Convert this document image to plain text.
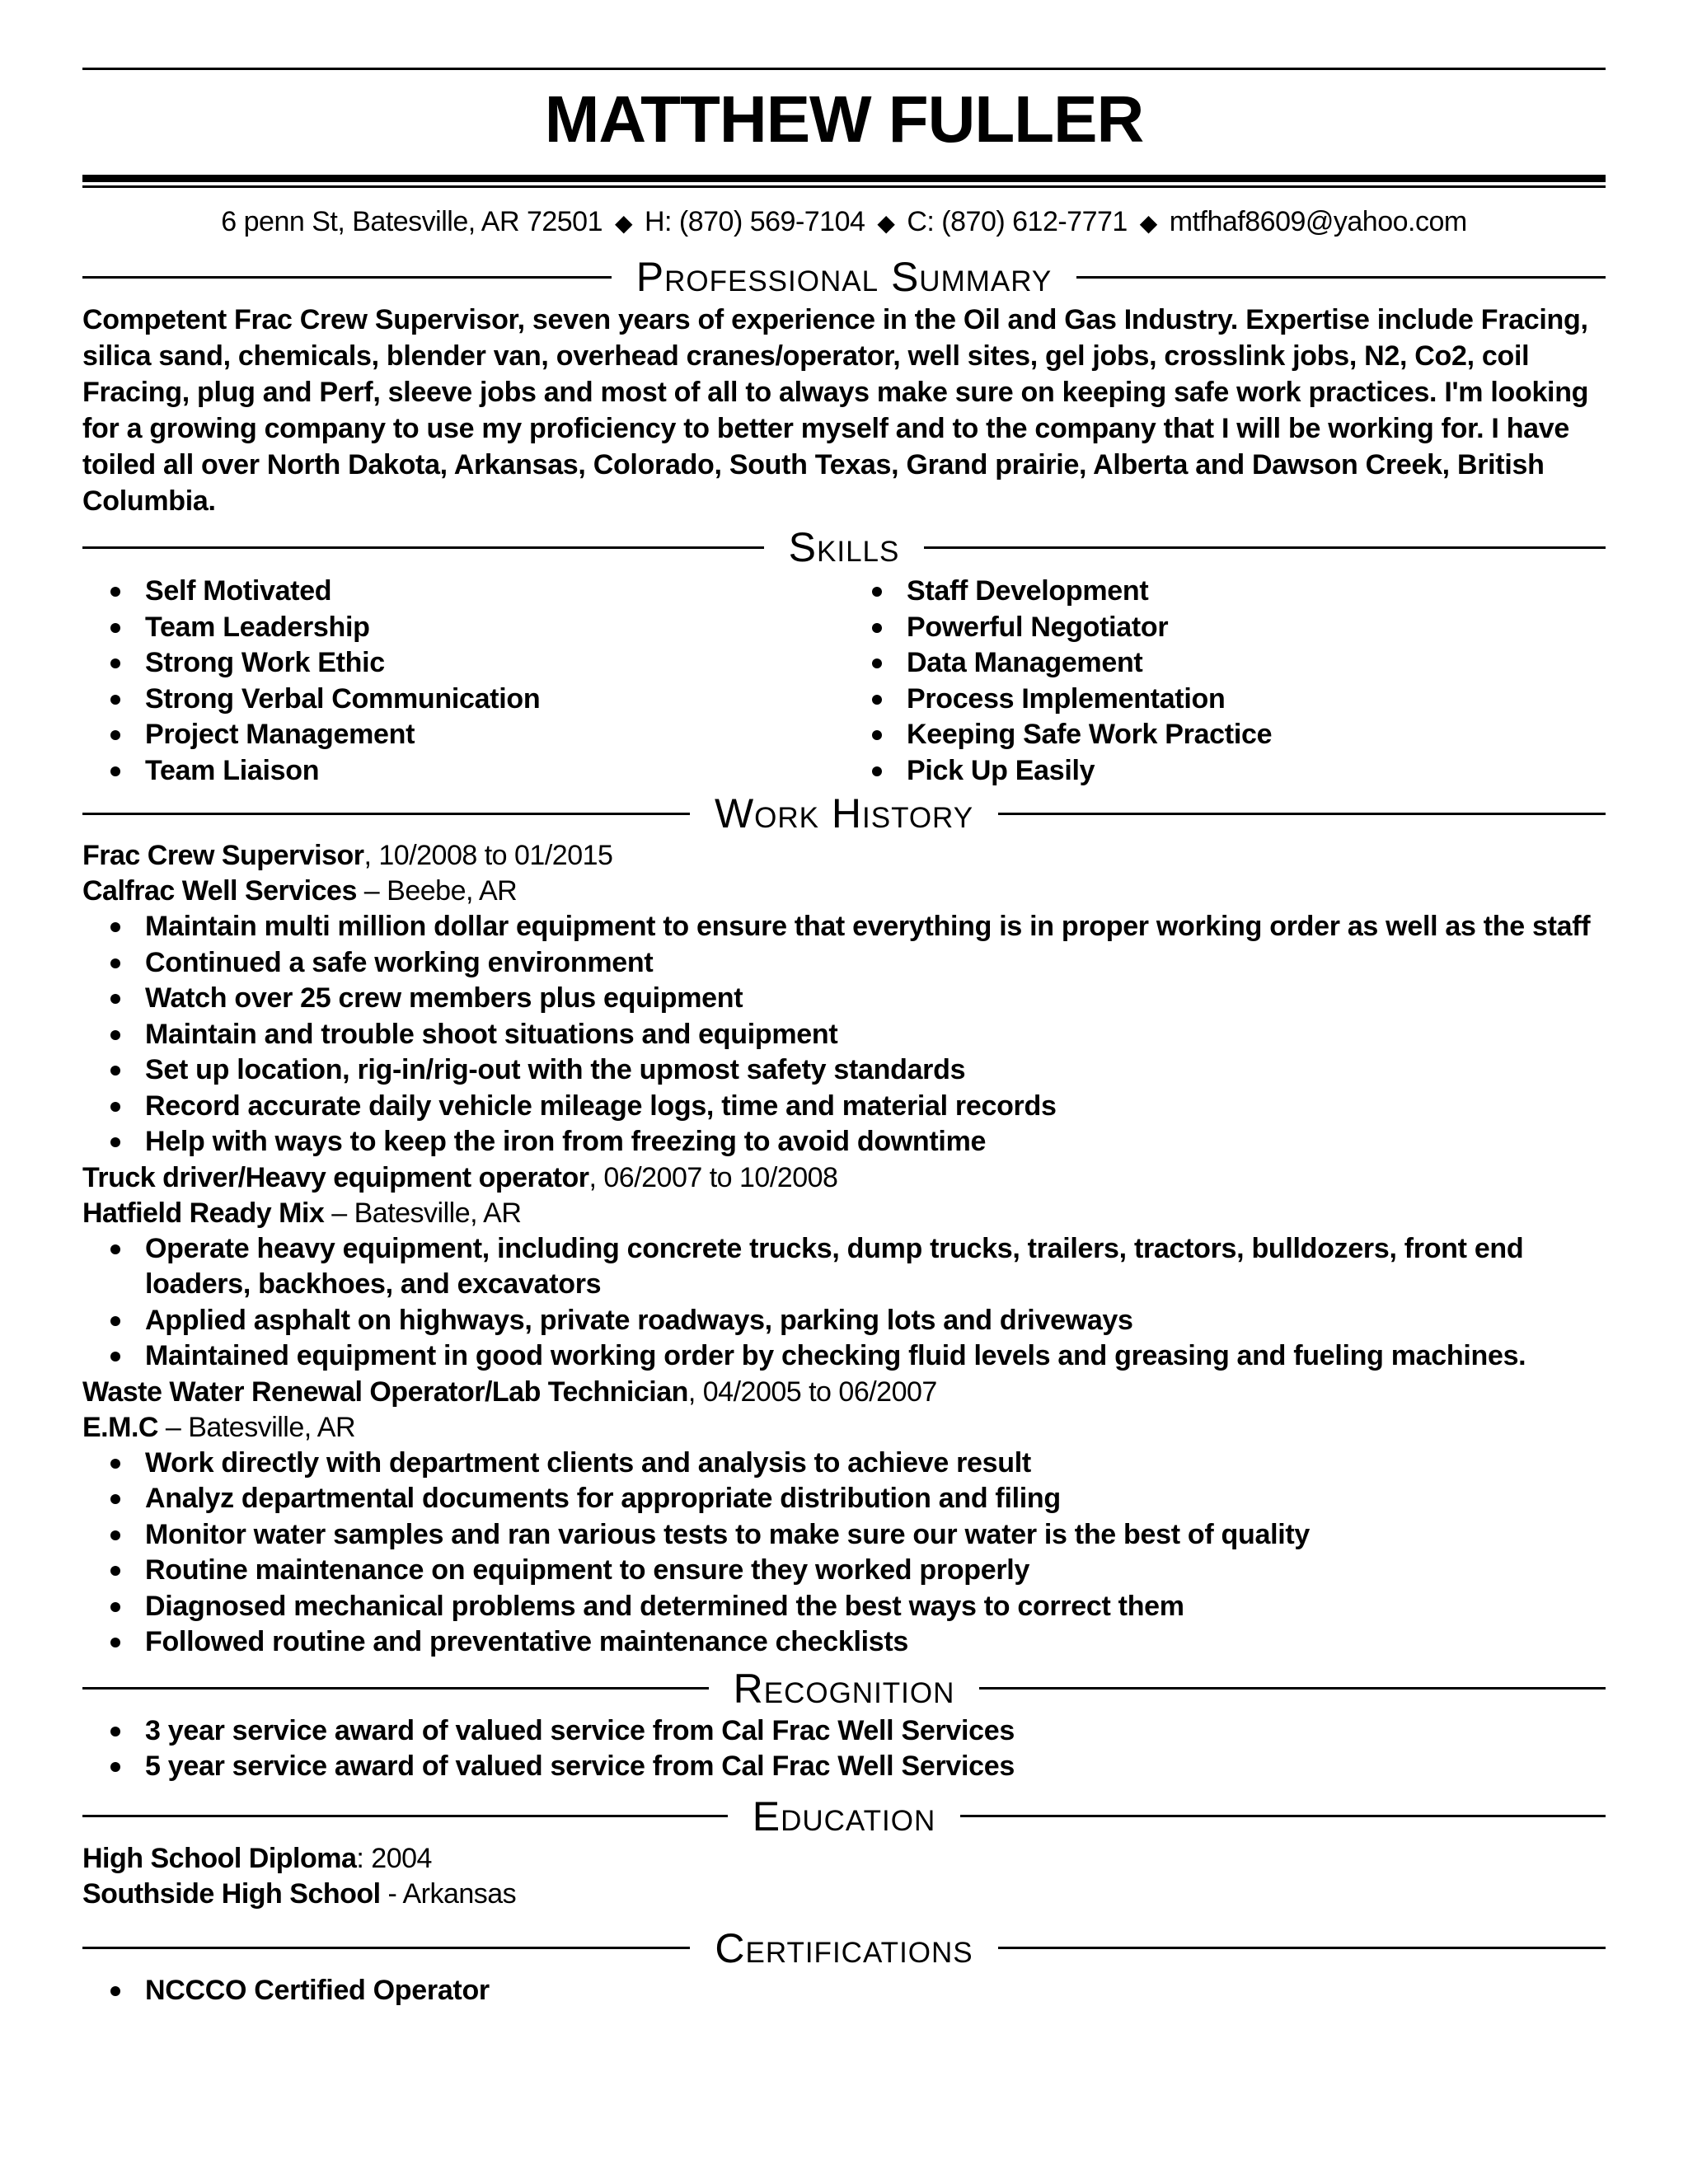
MATTHEW FULLER
6 penn St, Batesville, AR 72501 ◆ H: (870) 569-7104 ◆ C: (870) 612-7771 ◆ mtfhaf8609@yahoo.com
Professional Summary
Competent Frac Crew Supervisor, seven years of experience in the Oil and Gas Industry. Expertise include Fracing, silica sand, chemicals, blender van, overhead cranes/operator, well sites, gel jobs, crosslink jobs, N2, Co2, coil Fracing, plug and Perf, sleeve jobs and most of all to always make sure on keeping safe work practices. I'm looking for a growing company to use my proficiency to better myself and to the company that I will be working for. I have toiled all over North Dakota, Arkansas, Colorado, South Texas, Grand prairie, Alberta and Dawson Creek, British Columbia.
Skills
Self Motivated
Team Leadership
Strong Work Ethic
Strong Verbal Communication
Project Management
Team Liaison
Staff Development
Powerful Negotiator
Data Management
Process Implementation
Keeping Safe Work Practice
Pick Up Easily
Work History
Frac Crew Supervisor, 10/2008 to 01/2015
Calfrac Well Services – Beebe, AR
Maintain multi million dollar equipment to ensure that everything is in proper working order as well as the staff
Continued a safe working environment
Watch over 25 crew members plus equipment
Maintain and trouble shoot situations and equipment
Set up location, rig-in/rig-out with the upmost safety standards
Record accurate daily vehicle mileage logs, time and material records
Help with ways to keep the iron from freezing to avoid downtime
Truck driver/Heavy equipment operator, 06/2007 to 10/2008
Hatfield Ready Mix – Batesville, AR
Operate heavy equipment, including concrete trucks, dump trucks, trailers, tractors, bulldozers, front end loaders, backhoes, and excavators
Applied asphalt on highways, private roadways, parking lots and driveways
Maintained equipment in good working order by checking fluid levels and greasing and fueling machines.
Waste Water Renewal Operator/Lab Technician, 04/2005 to 06/2007
E.M.C – Batesville, AR
Work directly with department clients and analysis to achieve result
Analyz departmental documents for appropriate distribution and filing
Monitor water samples and ran various tests to make sure our water is the best of quality
Routine maintenance on equipment to ensure they worked properly
Diagnosed mechanical problems and determined the best ways to correct them
Followed routine and preventative maintenance checklists
Recognition
3 year service award of valued service from Cal Frac Well Services
5 year service award of valued service from Cal Frac Well Services
Education
High School Diploma: 2004
Southside High School - Arkansas
Certifications
NCCCO Certified Operator
